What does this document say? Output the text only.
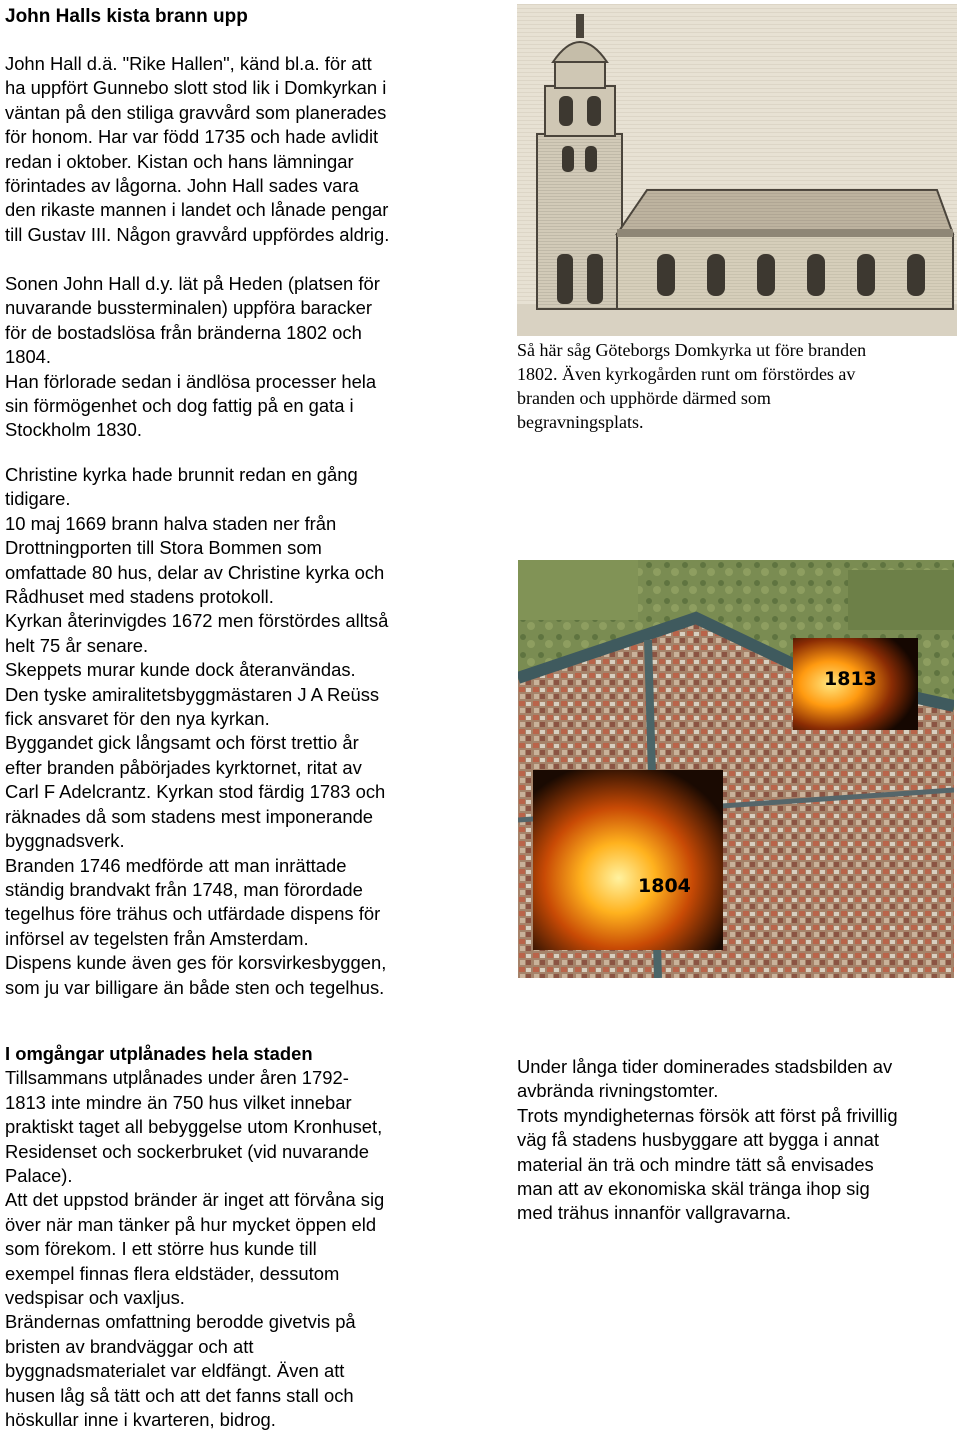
John Halls kista brann upp
John Hall d.ä. "Rike Hallen", känd bl.a. för att
ha uppfört Gunnebo slott stod lik i Domkyrkan i
väntan på den stiliga gravvård som planerades
för honom. Har var född 1735 och hade avlidit
redan i oktober. Kistan och hans lämningar
förintades av lågorna. John Hall sades vara
den rikaste mannen i landet och lånade pengar
till Gustav III. Någon gravvård uppfördes aldrig.
Sonen John Hall d.y. lät på Heden (platsen för
nuvarande bussterminalen) uppföra baracker
för de bostadslösa från bränderna 1802 och
1804.
Han förlorade sedan i ändlösa processer hela
sin förmögenhet och dog fattig på en gata i
Stockholm 1830.
Christine kyrka hade brunnit redan en gång
tidigare.
10 maj 1669 brann halva staden ner från
Drottningporten till Stora Bommen som
omfattade 80 hus, delar av Christine kyrka och
Rådhuset med stadens protokoll.
Kyrkan återinvigdes 1672 men förstördes alltså
helt 75 år senare.
Skeppets murar kunde dock återanvändas.
Den tyske amiralitetsbyggmästaren J A Reüss
fick ansvaret för den nya kyrkan.
Byggandet gick långsamt och först trettio år
efter branden påbörjades kyrktornet, ritat av
Carl F Adelcrantz. Kyrkan stod färdig 1783 och
räknades då som stadens mest imponerande
byggnadsverk.
Branden 1746 medförde att man inrättade
ständig brandvakt från 1748, man förordade
tegelhus före trähus och utfärdade dispens för
införsel av tegelsten från Amsterdam.
Dispens kunde även ges för korsvirkesbyggen,
som ju var billigare än både sten och tegelhus.
I omgångar utplånades hela staden
Tillsammans utplånades under åren 1792-
1813 inte mindre än 750 hus vilket innebar
praktiskt taget all bebyggelse utom Kronhuset,
Residenset och sockerbruket (vid nuvarande
Palace).
Att det uppstod bränder är inget att förvåna sig
över när man tänker på hur mycket öppen eld
som förekom. I ett större hus kunde till
exempel finnas flera eldstäder, dessutom
vedspisar och vaxljus.
Brändernas omfattning berodde givetvis på
bristen av brandväggar och att
byggnadsmaterialet var eldfängt. Även att
husen låg så tätt och att det fanns stall och
höskullar inne i kvarteren, bidrog.
Under långa tider dominerades stadsbilden av
avbrända rivningstomter.
Trots myndigheternas försök att först på frivillig
väg få stadens husbyggare att bygga i annat
material än trä och mindre tätt så envisades
man att av ekonomiska skäl tränga ihop sig
med trähus innanför vallgravarna.
Så här såg Göteborgs Domkyrka ut före branden
1802. Även kyrkogården runt om förstördes av
branden och upphörde därmed som
begravningsplats.
1813
1804
